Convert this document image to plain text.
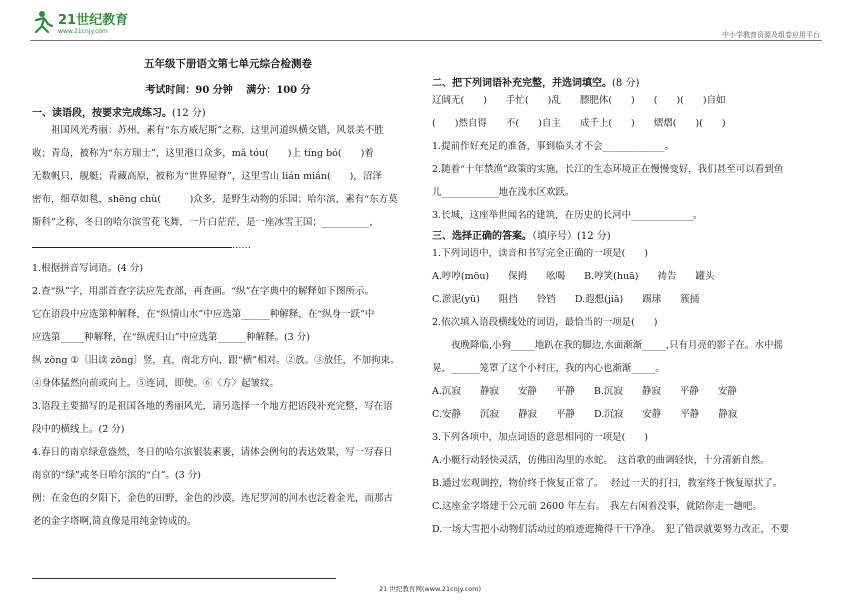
21世纪教育
www.21cnjy.com	中小学教育资源及组卷应用平台
五年级下册语文第七单元综合检测卷
考试时间：90 分钟　 满分：100 分
一、读语段，按要求完成练习。(12 分)
　　祖国风光秀丽：苏州，素有“东方威尼斯”之称，这里河道纵横交错，风景美不胜
收；青岛，被称为“东方瑞士”，这里港口众多，mǎ tóu(　　)上 tíng bó(　　)着
无数帆只，舰艇；青藏高原，被称为“世界屋脊”，这里雪山 lián mián(　　)，沼泽
密布，细草如毯，shēng chù(　　　)众多，是野生动物的乐园；哈尔滨，素有“东方莫
斯科”之称，冬日的哈尔滨雪花飞舞，一片白茫茫，是一座冰雪王国；__________，
……
1.根据拼音写词语。(4 分)
2.查“纵”字，用部首查字法应先查部，再查画。“纵”在字典中的解释如下图所示。
它在语段中应选第种解释，在“纵情山水”中应选第______种解释，在“纵身一跃”中
应选第_____种解释，在“纵虎归山”中应选第______种解释。(3 分)
纵 zòng ①〔旧读 zōng〕竖，直，南北方向，跟“横”相对。②放。③放任，不加拘束。
④身体猛然向前或向上。⑤连词，即使。⑥〈方〉起皱纹。
3.语段主要描写的是祖国各地的秀丽风光，请另选择一个地方把语段补充完整，写在语
段中的横线上。(2 分)
4.春日的南京绿意盎然，冬日的哈尔滨银装素裹，请体会例句的表达效果，写一写春日
南京的“绿”或冬日哈尔滨的“白”。(3 分)
例：在金色的夕阳下，金色的田野，金色的沙漠，连尼罗河的河水也泛着金光，而那古
老的金字塔啊,简直像是用纯金铸成的。
二、把下列词语补充完整，并选词填空。(8 分)
辽阔无(　　)　　手忙(　　)乱　　膘肥体(　　)　　(　　)(　　)自如
(　　)然自得　　不(　　)自主　　成千上(　　)　　熠熠(　　)(　　)
1.提前作好充足的准备，事到临头才不会_____________。
2.随着“十年禁渔”政策的实施，长江的生态环境正在慢慢变好，我们甚至可以看到鱼
儿____________地在浅水区欢跃。
3.长城，这座举世闻名的建筑，在历史的长河中_____________。
三、选择正确的答案。（填序号）(12 分)
1.下列词语中，读音和书写完全正确的一项是(　　)
A.哼哼(mōu)　　保拇　　吆喝　　B.哼笑(huā)　　祷告　　罐头
C.淤泥(yū)　　阻挡　　铃铛　　D.遐想(jiā)　　踢球　　簇捅
2.依次填入语段横线处的词语，最恰当的一项是(　　)
　　夜晚降临,小狗_____地趴在我的脚边,水面渐渐_____,只有月亮的影子在。水中摇
晃，______笼罩了这个小村庄，我的内心也渐渐_____。
A.沉寂　　静寂　　安静　　平静　　B.沉寂　　静寂　　平静　　安静
C.安静　　沉寂　　静寂　　平静　　D.沉寂　　安静　　平静　　静寂
3.下列各项中，加点词语的意思相同的一项是(　　)
A.小艇行动轻快灵活，仿佛田沟里的水蛇。　这首歌的曲调轻快，十分清新自然。
B.通过宏观调控，物价终于恢复正常了。　 经过一天的打扫，教室终于恢复原状了。
C.这座金字塔建于公元前 2600 年左右。　我左右闲着没事，就陪你走一趟吧。
D.一场大雪把小动物们活动过的痕迹遮掩得干干净净。　犯了错误就要努力改正，不要
21 世纪教育网(www.21cnjy.com)
